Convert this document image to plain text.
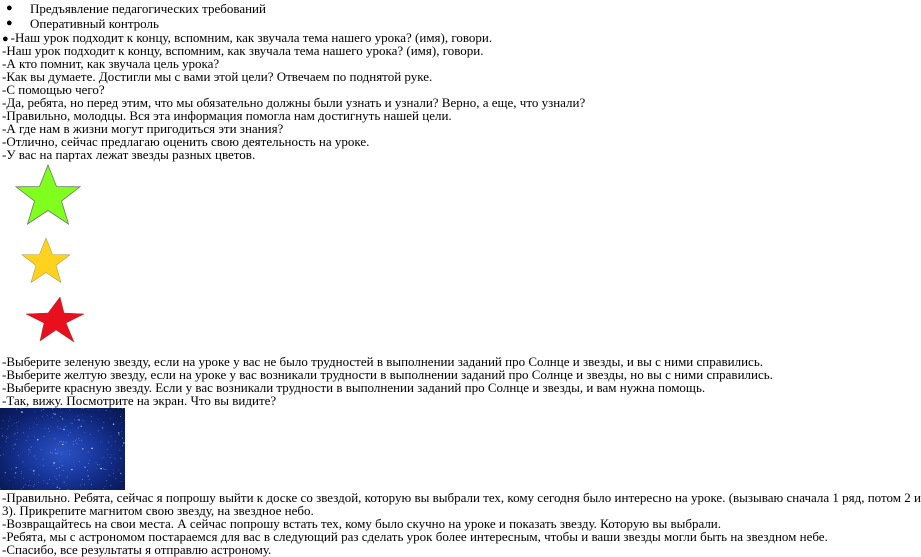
● Предъявление педагогических требований
● Оперативный контроль
● -Наш урок подходит к концу, вспомним, как звучала тема нашего урока? (имя), говори.
-Наш урок подходит к концу, вспомним, как звучала тема нашего урока? (имя), говори.
-А кто помнит, как звучала цель урока?
-Как вы думаете. Достигли мы с вами этой цели? Отвечаем по поднятой руке.
-С помощью чего?
-Да, ребята, но перед этим, что мы обязательно должны были узнать и узнали? Верно, а еще, что узнали?
-Правильно, молодцы. Вся эта информация помогла нам достигнуть нашей цели.
-А где нам в жизни могут пригодиться эти знания?
-Отлично, сейчас предлагаю оценить свою деятельность на уроке.
-У вас на партах лежат звезды разных цветов.
-Выберите зеленую звезду, если на уроке у вас не было трудностей в выполнении заданий про Солнце и звезды, и вы с ними справились.
-Выберите желтую звезду, если на уроке у вас возникали трудности в выполнении заданий про Солнце и звезды, но вы с ними справились.
-Выберите красную звезду. Если у вас возникали трудности в выполнении заданий про Солнце и звезды, и вам нужна помощь.
-Так, вижу. Посмотрите на экран. Что вы видите?
-Правильно. Ребята, сейчас я попрошу выйти к доске со звездой, которую вы выбрали тех, кому сегодня было интересно на уроке. (вызываю сначала 1 ряд, потом 2 и
3). Прикрепите магнитом свою звезду, на звездное небо.
-Возвращайтесь на свои места. А сейчас попрошу встать тех, кому было скучно на уроке и показать звезду. Которую вы выбрали.
-Ребята, мы с астрономом постараемся для вас в следующий раз сделать урок более интересным, чтобы и ваши звезды могли быть на звездном небе.
-Спасибо, все результаты я отправлю астроному.
